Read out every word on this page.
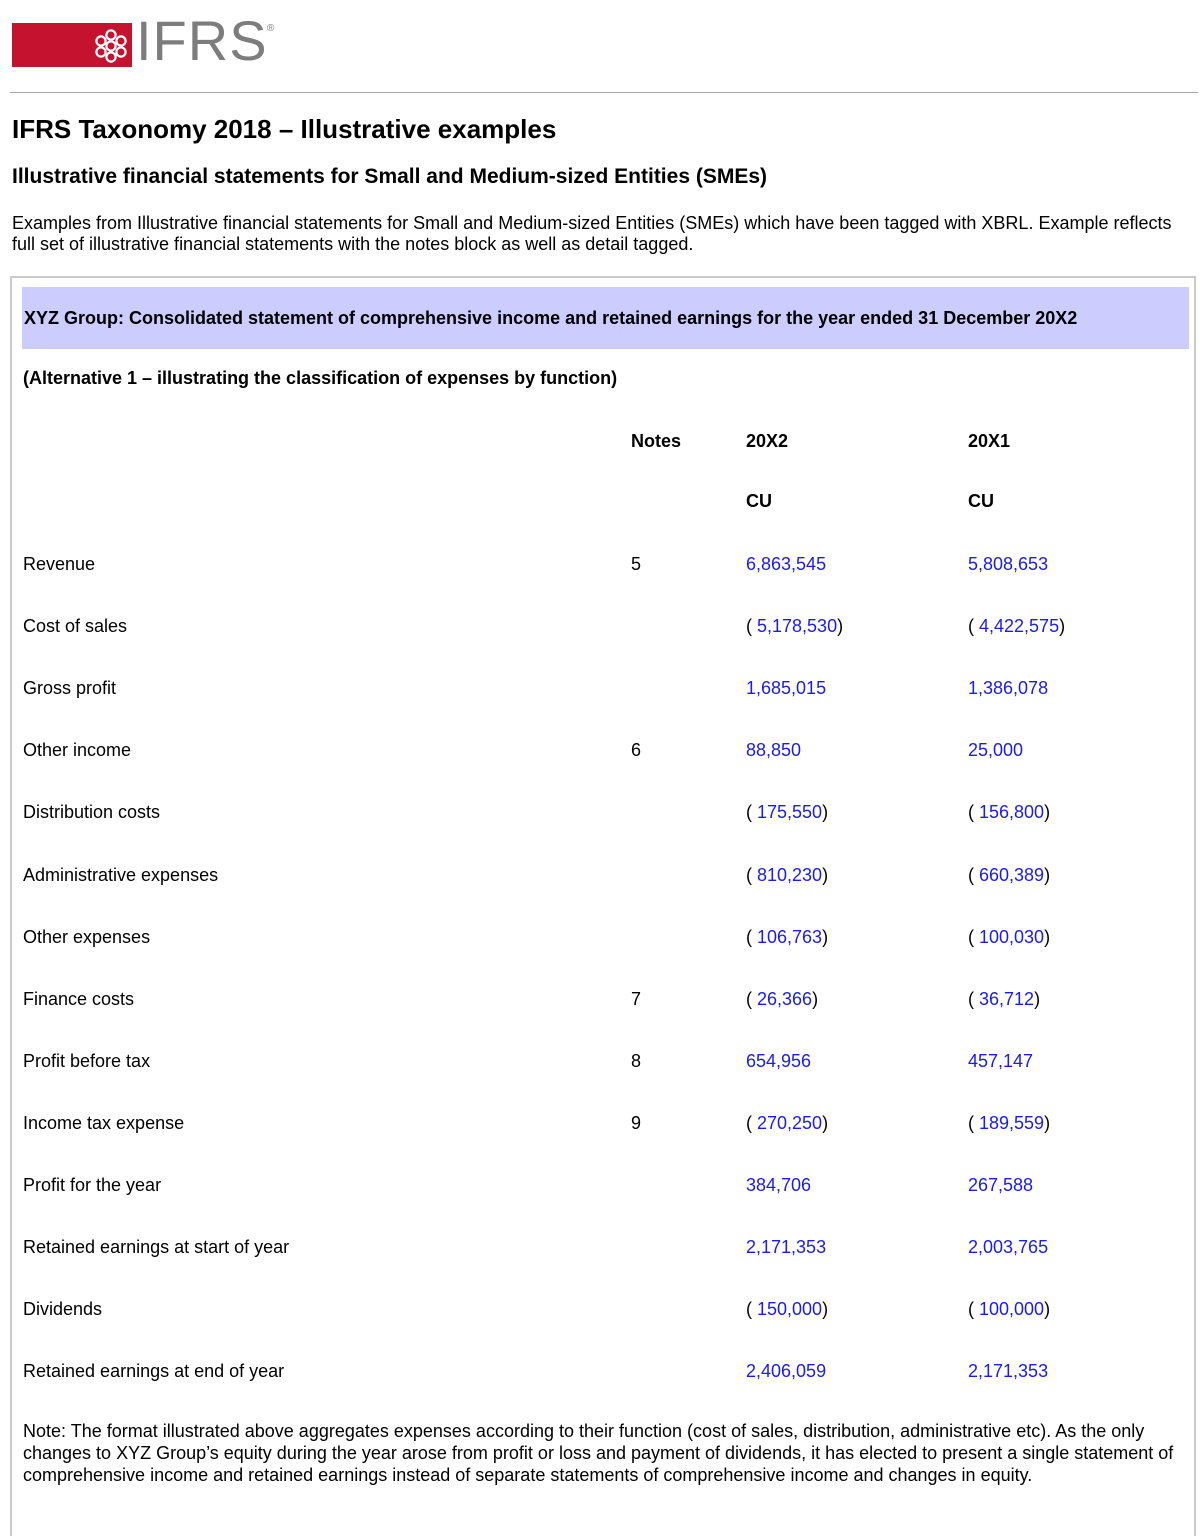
IFRS ®
IFRS Taxonomy 2018 – Illustrative examples
Illustrative financial statements for Small and Medium-sized Entities (SMEs)

Examples from Illustrative financial statements for Small and Medium-sized Entities (SMEs) which have been tagged with XBRL. Example reflects full set of illustrative financial statements with the notes block as well as detail tagged.

XYZ Group: Consolidated statement of comprehensive income and retained earnings for the year ended 31 December 20X2
(Alternative 1 – illustrating the classification of expenses by function)
Notes	20X2	20X1
CU	CU
Revenue	5	6,863,545	5,808,653
Cost of sales	( 5,178,530)	( 4,422,575)
Gross profit	1,685,015	1,386,078
Other income	6	88,850	25,000
Distribution costs	( 175,550)	( 156,800)
Administrative expenses	( 810,230)	( 660,389)
Other expenses	( 106,763)	( 100,030)
Finance costs	7	( 26,366)	( 36,712)
Profit before tax	8	654,956	457,147
Income tax expense	9	( 270,250)	( 189,559)
Profit for the year	384,706	267,588
Retained earnings at start of year	2,171,353	2,003,765
Dividends	( 150,000)	( 100,000)
Retained earnings at end of year	2,406,059	2,171,353

Note: The format illustrated above aggregates expenses according to their function (cost of sales, distribution, administrative etc). As the only changes to XYZ Group’s equity during the year arose from profit or loss and payment of dividends, it has elected to present a single statement of comprehensive income and retained earnings instead of separate statements of comprehensive income and changes in equity.
